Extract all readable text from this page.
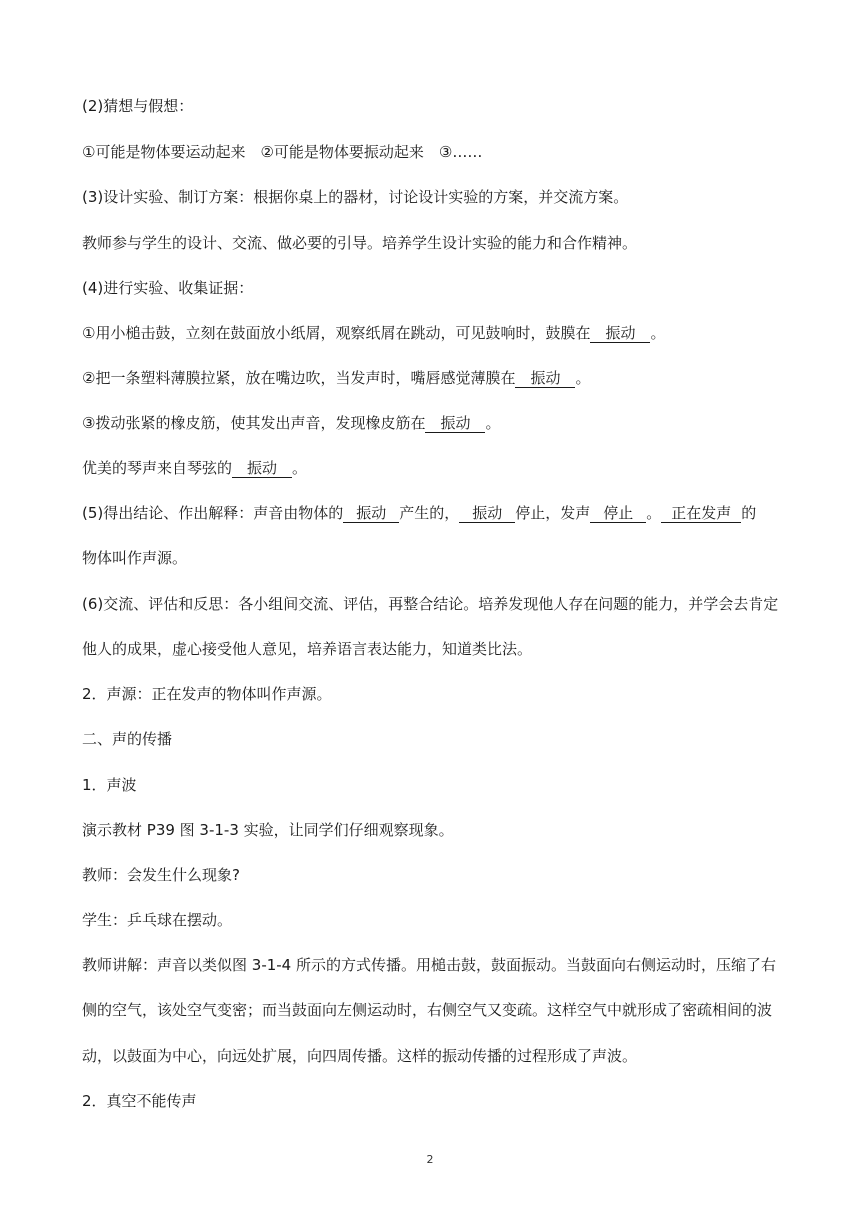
(2)猜想与假想：
①可能是物体要运动起来　②可能是物体要振动起来　③……
(3)设计实验、制订方案：根据你桌上的器材，讨论设计实验的方案，并交流方案。
教师参与学生的设计、交流、做必要的引导。培养学生设计实验的能力和合作精神。
(4)进行实验、收集证据：
①用小槌击鼓，立刻在鼓面放小纸屑，观察纸屑在跳动，可见鼓响时，鼓膜在 振动 。
②把一条塑料薄膜拉紧，放在嘴边吹，当发声时，嘴唇感觉薄膜在 振动 。
③拨动张紧的橡皮筋，使其发出声音，发现橡皮筋在 振动 。
优美的琴声来自琴弦的 振动 。
(5)得出结论、作出解释：声音由物体的 振动 产生的， 振动 停止，发声 停止 。 正在发声 的
物体叫作声源。
(6)交流、评估和反思：各小组间交流、评估，再整合结论。培养发现他人存在问题的能力，并学会去肯定
他人的成果，虚心接受他人意见，培养语言表达能力，知道类比法。
2．声源：正在发声的物体叫作声源。
二、声的传播
1．声波
演示教材 P39 图 3-1-3 实验，让同学们仔细观察现象。
教师：会发生什么现象?
学生：乒乓球在摆动。
教师讲解：声音以类似图 3-1-4 所示的方式传播。用槌击鼓，鼓面振动。当鼓面向右侧运动时，压缩了右
侧的空气，该处空气变密；而当鼓面向左侧运动时，右侧空气又变疏。这样空气中就形成了密疏相间的波
动，以鼓面为中心，向远处扩展，向四周传播。这样的振动传播的过程形成了声波。
2．真空不能传声
2
